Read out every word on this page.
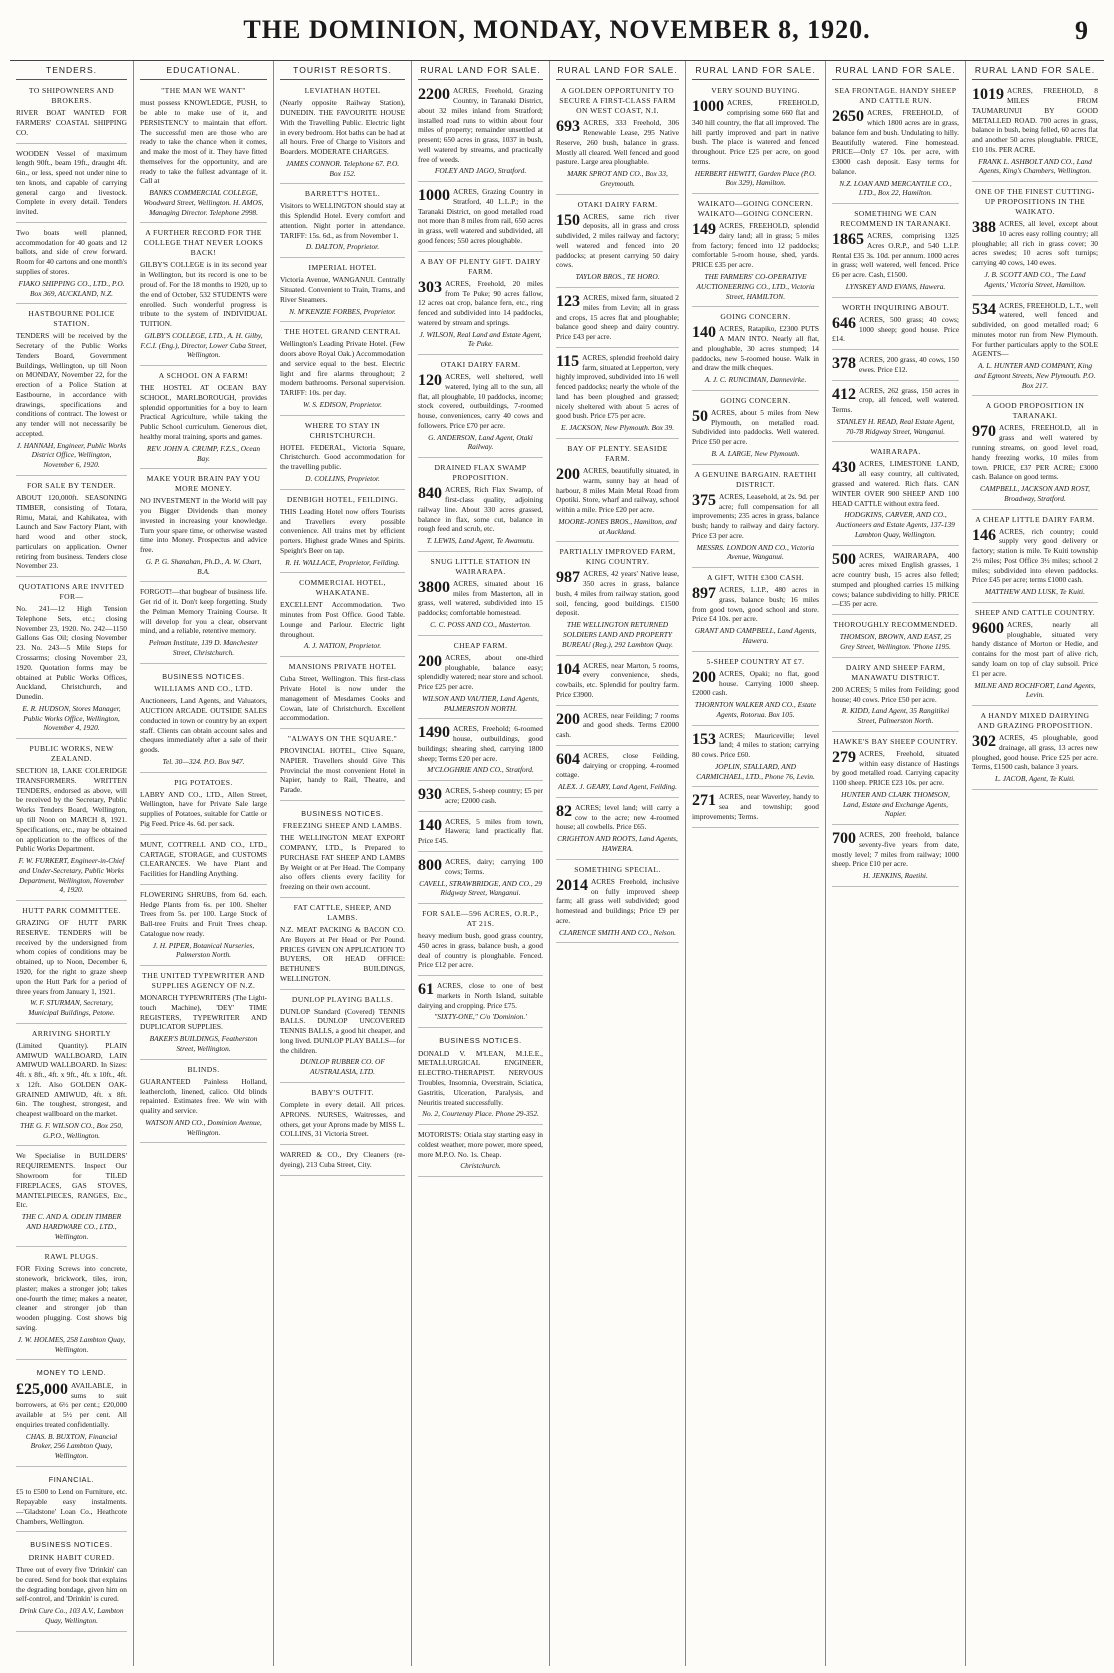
THE DOMINION, MONDAY, NOVEMBER 8, 1920.	9
TENDERS.
TO SHIPOWNERS AND BROKERS.
RIVER BOAT WANTED FOR FARMERS' COASTAL SHIPPING CO.
WOODEN Vessel of maximum length 90ft., beam 19ft., draught 4ft. 6in., or less, speed not under nine to ten knots, and capable of carrying general cargo and livestock. Complete in every detail. Tenders invited.
Two boats well planned, accommodation for 40 goats and 12 ballots, and side of crew forward. Room for 40 cartons and one month's supplies of stores.
FIAKO SHIPPING CO., LTD., P.O. Box 369, AUCKLAND, N.Z.
HASTBOURNE POLICE STATION.
TENDERS will be received by the Secretary of the Public Works Tenders Board, Government Buildings, Wellington, up till Noon on MONDAY, November 22, for the erection of a Police Station at Eastbourne, in accordance with drawings, specifications and conditions of contract. The lowest or any tender will not necessarily be accepted.
J. HANNAH, Engineer, Public Works District Office, Wellington, November 6, 1920.
FOR SALE BY TENDER.
ABOUT 120,000ft. SEASONING TIMBER, consisting of Totara, Rimu, Matai, and Kahikatea, with Launch and Saw Factory Plant, with hard wood and other stock, particulars on application. Owner retiring from business. Tenders close November 23.
QUOTATIONS ARE INVITED FOR—
No. 241—12 High Tension Telephone Sets, etc.; closing November 23, 1920. No. 242—1150 Gallons Gas Oil; closing November 23. No. 243—5 Mile Steps for Crossarms; closing November 23, 1920. Quotation forms may be obtained at Public Works Offices, Auckland, Christchurch, and Dunedin.
E. R. HUDSON, Stores Manager, Public Works Office, Wellington, November 4, 1920.
PUBLIC WORKS, NEW ZEALAND.
SECTION 18, LAKE COLERIDGE TRANSFORMERS. WRITTEN TENDERS, endorsed as above, will be received by the Secretary, Public Works Tenders Board, Wellington, up till Noon on MARCH 8, 1921. Specifications, etc., may be obtained on application to the offices of the Public Works Department.
F. W. FURKERT, Engineer-in-Chief and Under-Secretary, Public Works Department, Wellington, November 4, 1920.
HUTT PARK COMMITTEE.
GRAZING OF HUTT PARK RESERVE. TENDERS will be received by the undersigned from whom copies of conditions may be obtained, up to Noon, December 6, 1920, for the right to graze sheep upon the Hutt Park for a period of three years from January 1, 1921.
W. F. STURMAN, Secretary, Municipal Buildings, Petone.
ARRIVING SHORTLY
(Limited Quantity). PLAIN AMIWUD WALLBOARD, LAIN AMIWUD WALLBOARD. In Sizes: 4ft. x 8ft., 4ft. x 9ft., 4ft. x 10ft., 4ft. x 12ft. Also GOLDEN OAK-GRAINED AMIWUD, 4ft. x 8ft. 6in. The toughest, strongest, and cheapest wallboard on the market.
THE G. F. WILSON CO., Box 250, G.P.O., Wellington.
We Specialise in BUILDERS' REQUIREMENTS. Inspect Our Showroom for TILED FIREPLACES, GAS STOVES, MANTELPIECES, RANGES, Etc., Etc.
THE C. AND A. ODLIN TIMBER AND HARDWARE CO., LTD., Wellington.
RAWL PLUGS.
FOR Fixing Screws into concrete, stonework, brickwork, tiles, iron, plaster; makes a stronger job; takes one-fourth the time; makes a neater, cleaner and stronger job than wooden plugging. Cost shows big saving.
J. W. HOLMES, 258 Lambton Quay, Wellington.
MONEY TO LEND.
£25,000 AVAILABLE, in sums to suit borrowers, at 6½ per cent.; £20,000 available at 5½ per cent. All enquiries treated confidentially.
CHAS. B. BUXTON, Financial Broker, 256 Lambton Quay, Wellington.
FINANCIAL.
£5 to £500 to Lend on Furniture, etc. Repayable easy instalments.—'Gladstone' Loan Co., Heathcote Chambers, Wellington.
BUSINESS NOTICES.
DRINK HABIT CURED.
Three out of every five 'Drinkin' can be cured. Send for book that explains the degrading bondage, given him on self-control, and 'Drinkin' is cured.
Drink Cure Co., 103 A.V., Lambton Quay, Wellington.
EDUCATIONAL.
"THE MAN WE WANT"
must possess KNOWLEDGE, PUSH, to be able to make use of it, and PERSISTENCY to maintain that effort. The successful men are those who are ready to take the chance when it comes, and make the most of it. They have fitted themselves for the opportunity, and are ready to take the fullest advantage of it. Call at
BANKS COMMERCIAL COLLEGE, Woodward Street, Wellington. H. AMOS, Managing Director. Telephone 2998.
A FURTHER RECORD FOR THE COLLEGE THAT NEVER LOOKS BACK!
GILBY'S COLLEGE is in its second year in Wellington, but its record is one to be proud of. For the 18 months to 1920, up to the end of October, 532 STUDENTS were enrolled. Such wonderful progress is tribute to the system of INDIVIDUAL TUITION.
GILBY'S COLLEGE, LTD., A. H. Gilby, F.C.I. (Eng.), Director, Lower Cuba Street, Wellington.
A SCHOOL ON A FARM!
THE HOSTEL AT OCEAN BAY SCHOOL, MARLBOROUGH, provides splendid opportunities for a boy to learn Practical Agriculture, while taking the Public School curriculum. Generous diet, healthy moral training, sports and games.
REV. JOHN A. CRUMP, F.Z.S., Ocean Bay.
MAKE YOUR BRAIN PAY YOU MORE MONEY.
NO INVESTMENT in the World will pay you Bigger Dividends than money invested in increasing your knowledge. Turn your spare time, or otherwise wasted time into Money. Prospectus and advice free.
G. P. G. Shanahan, Ph.D., A. W. Chart, B.A.
FORGOT!—that bugbear of business life. Get rid of it. Don't keep forgetting. Study the Pelman Memory Training Course. It will develop for you a clear, observant mind, and a reliable, retentive memory.
Pelman Institute, 139 D. Manchester Street, Christchurch.
BUSINESS NOTICES.
WILLIAMS AND CO., LTD.
Auctioneers, Land Agents, and Valuators, AUCTION ARCADE. OUTSIDE SALES conducted in town or country by an expert staff. Clients can obtain account sales and cheques immediately after a sale of their goods.
Tel. 30—324. P.O. Box 947.
PIG POTATOES.
LABRY AND CO., LTD., Allen Street, Wellington, have for Private Sale large supplies of Potatoes, suitable for Cattle or Pig Feed. Price 4s. 6d. per sack.
MUNT, COTTRELL AND CO., LTD., CARTAGE, STORAGE, and CUSTOMS CLEARANCES. We have Plant and Facilities for Handling Anything.
FLOWERING SHRUBS, from 6d. each. Hedge Plants from 6s. per 100. Shelter Trees from 5s. per 100. Large Stock of Ball-tree Fruits and Fruit Trees cheap. Catalogue now ready.
J. H. PIPER, Botanical Nurseries, Palmerston North.
THE UNITED TYPEWRITER AND SUPPLIES AGENCY OF N.Z.
MONARCH TYPEWRITERS (The Light-touch Machine), 'DEY' TIME REGISTERS, TYPEWRITER AND DUPLICATOR SUPPLIES.
BAKER'S BUILDINGS, Featherston Street, Wellington.
BLINDS.
GUARANTEED Painless Holland, leathercloth, linened, calico. Old blinds repainted. Estimates free. We win with quality and service.
WATSON AND CO., Dominion Avenue, Wellington.
TOURIST RESORTS.
LEVIATHAN HOTEL
(Nearly opposite Railway Station), DUNEDIN. THE FAVOURITE HOUSE With the Travelling Public. Electric light in every bedroom. Hot baths can be had at all hours. Free of Charge to Visitors and Boarders. MODERATE CHARGES.
JAMES CONNOR. Telephone 67. P.O. Box 152.
BARRETT'S HOTEL.
Visitors to WELLINGTON should stay at this Splendid Hotel. Every comfort and attention. Night porter in attendance. TARIFF: 15s. 6d., as from November 1.
D. DALTON, Proprietor.
IMPERIAL HOTEL
Victoria Avenue, WANGANUI. Centrally Situated. Convenient to Train, Trams, and River Steamers.
N. M'KENZIE FORBES, Proprietor.
THE HOTEL GRAND CENTRAL
Wellington's Leading Private Hotel. (Few doors above Royal Oak.) Accommodation and service equal to the best. Electric light and fire alarms throughout; 2 modern bathrooms. Personal supervision. TARIFF: 10s. per day.
W. S. EDISON, Proprietor.
WHERE TO STAY IN CHRISTCHURCH.
HOTEL FEDERAL, Victoria Square, Christchurch. Good accommodation for the travelling public.
D. COLLINS, Proprietor.
DENBIGH HOTEL, FEILDING.
THIS Leading Hotel now offers Tourists and Travellers every possible convenience. All trains met by efficient porters. Highest grade Wines and Spirits. Speight's Beer on tap.
R. H. WALLACE, Proprietor, Feilding.
COMMERCIAL HOTEL, WHAKATANE.
EXCELLENT Accommodation. Two minutes from Post Office. Good Table. Lounge and Parlour. Electric light throughout.
A. J. NATION, Proprietor.
MANSIONS PRIVATE HOTEL
Cuba Street, Wellington. This first-class Private Hotel is now under the management of Mesdames Cooks and Cowan, late of Christchurch. Excellent accommodation.
"ALWAYS ON THE SQUARE."
PROVINCIAL HOTEL, Clive Square, NAPIER. Travellers should Give This Provincial the most convenient Hotel in Napier, handy to Rail, Theatre, and Parade.
BUSINESS NOTICES.
FREEZING SHEEP AND LAMBS.
THE WELLINGTON MEAT EXPORT COMPANY, LTD., Is Prepared to PURCHASE FAT SHEEP AND LAMBS By Weight or at Per Head. The Company also offers clients every facility for freezing on their own account.
FAT CATTLE, SHEEP, AND LAMBS.
N.Z. MEAT PACKING & BACON CO. Are Buyers at Per Head or Per Pound. PRICES GIVEN ON APPLICATION TO BUYERS, OR HEAD OFFICE: BETHUNE'S BUILDINGS, WELLINGTON.
DUNLOP PLAYING BALLS.
DUNLOP Standard (Covered) TENNIS BALLS. DUNLOP UNCOVERED TENNIS BALLS, a good hit cheaper, and long lived. DUNLOP PLAY BALLS—for the children.
DUNLOP RUBBER CO. OF AUSTRALASIA, LTD.
BABY'S OUTFIT.
Complete in every detail. All prices. APRONS. NURSES, Waitresses, and others, get your Aprons made by MISS L. COLLINS, 31 Victoria Street.
WARRED & CO., Dry Cleaners (re-dyeing), 213 Cuba Street, City.
RURAL LAND FOR SALE.
2200 ACRES, Freehold, Grazing Country, in Taranaki District, about 32 miles inland from Stratford; installed road runs to within about four miles of property; remainder unsettled at present; 650 acres in grass, 1037 in bush, well watered by streams, and practically free of weeds.
FOLEY AND JAGO, Stratford.
1000 ACRES, Grazing Country in Stratford, 40 L.L.P.; in the Taranaki District, on good metalled road not more than 8 miles from rail, 650 acres in grass, well watered and subdivided, all good fences; 550 acres ploughable.
A BAY OF PLENTY GIFT. DAIRY FARM.
303 ACRES, Freehold, 20 miles from Te Puke; 90 acres fallow, 12 acres oat crop, balance fern, etc., ring fenced and subdivided into 14 paddocks, watered by stream and springs.
J. WILSON, Real Land and Estate Agent, Te Puke.
OTAKI DAIRY FARM.
120 ACRES, well sheltered, well watered, lying all to the sun, all flat, all ploughable, 10 paddocks, income; stock covered, outbuildings, 7-roomed house, conveniences, carry 40 cows and followers. Price £70 per acre.
G. ANDERSON, Land Agent, Otaki Railway.
DRAINED FLAX SWAMP PROPOSITION.
840 ACRES, Rich Flax Swamp, of first-class quality, adjoining railway line. About 330 acres grassed, balance in flax, some cut, balance in rough feed and scrub, etc.
T. LEWIS, Land Agent, Te Awamutu.
SNUG LITTLE STATION IN WAIRARAPA.
3800 ACRES, situated about 16 miles from Masterton, all in grass, well watered, subdivided into 15 paddocks; comfortable homestead.
C. C. POSS AND CO., Masterton.
CHEAP FARM.
200 ACRES, about one-third ploughable, balance easy; splendidly watered; near store and school. Price £25 per acre.
WILSON AND VAUTIER, Land Agents, PALMERSTON NORTH.
1490 ACRES, Freehold; 6-roomed house, outbuildings, good buildings; shearing shed, carrying 1800 sheep; Terms £20 per acre.
M'CLOGHRIE AND CO., Stratford.
930 ACRES, 5-sheep country; £5 per acre; £2000 cash.
140 ACRES, 5 miles from town, Hawera; land practically flat. Price £45.
800 ACRES, dairy; carrying 100 cows; Terms.
CAVELL, STRAWBRIDGE, AND CO., 29 Ridgway Street, Wanganui.
FOR SALE—596 ACRES, O.R.P., AT 21S.
heavy medium bush, good grass country, 450 acres in grass, balance bush, a good deal of country is ploughable. Fenced. Price £12 per acre.
61 ACRES, close to one of best markets in North Island, suitable dairying and cropping. Price £75.
"SIXTY-ONE," C/o 'Dominion.'
BUSINESS NOTICES.
DONALD V. M'LEAN, M.I.E.E., METALLURGICAL ENGINEER, ELECTRO-THERAPIST. NERVOUS Troubles, Insomnia, Overstrain, Sciatica, Gastritis, Ulceration, Paralysis, and Neuritis treated successfully.
No. 2, Courtenay Place. Phone 29-352.
MOTORISTS: Otiala stay starting easy in coldest weather, more power, more speed, more M.P.O. No. 1s. Cheap.
Christchurch.
RURAL LAND FOR SALE.
A GOLDEN OPPORTUNITY TO SECURE A FIRST-CLASS FARM ON WEST COAST, N.I.
693 ACRES, 333 Freehold, 306 Renewable Lease, 295 Native Reserve, 260 bush, balance in grass. Mostly all cleared. Well fenced and good pasture. Large area ploughable.
MARK SPROT AND CO., Box 33, Greymouth.
OTAKI DAIRY FARM.
150 ACRES, same rich river deposits, all in grass and cross subdivided, 2 miles railway and factory; well watered and fenced into 20 paddocks; at present carrying 50 dairy cows.
TAYLOR BROS., TE HORO.
123 ACRES, mixed farm, situated 2 miles from Levin; all in grass and crops, 15 acres flat and ploughable; balance good sheep and dairy country. Price £43 per acre.
115 ACRES, splendid freehold dairy farm, situated at Lepperton, very highly improved, subdivided into 16 well fenced paddocks; nearly the whole of the land has been ploughed and grassed; nicely sheltered with about 5 acres of good bush. Price £75 per acre.
E. JACKSON, New Plymouth. Box 39.
BAY OF PLENTY. SEASIDE FARM.
200 ACRES, beautifully situated, in warm, sunny bay at head of harbour, 8 miles Main Metal Road from Opotiki. Store, wharf and railway, school within a mile. Price £20 per acre.
MOORE-JONES BROS., Hamilton, and at Auckland.
PARTIALLY IMPROVED FARM, KING COUNTRY.
987 ACRES, 42 years' Native lease, 350 acres in grass, balance bush, 4 miles from railway station, good soil, fencing, good buildings. £1500 deposit.
THE WELLINGTON RETURNED SOLDIERS LAND AND PROPERTY BUREAU (Reg.), 292 Lambton Quay.
104 ACRES, near Marton, 5 rooms, every convenience, sheds, cowbails, etc. Splendid for poultry farm. Price £3900.
200 ACRES, near Feilding; 7 rooms and good sheds. Terms £2000 cash.
604 ACRES, close Feilding, dairying or cropping. 4-roomed cottage.
ALEX. J. GEARY, Land Agent, Feilding.
82 ACRES; level land; will carry a cow to the acre; new 4-roomed house; all cowbells. Price £65.
CRIGHTON AND ROOTS, Land Agents, HAWERA.
SOMETHING SPECIAL.
2014 ACRES Freehold, inclusive on fully improved sheep farm; all grass well subdivided; good homestead and buildings; Price £9 per acre.
CLARENCE SMITH AND CO., Nelson.
RURAL LAND FOR SALE.
VERY SOUND BUYING.
1000 ACRES, FREEHOLD, comprising some 660 flat and 340 hill country, the flat all improved. The hill partly improved and part in native bush. The place is watered and fenced throughout. Price £25 per acre, on good terms.
HERBERT HEWITT, Garden Place (P.O. Box 329), Hamilton.
WAIKATO—GOING CONCERN. WAIKATO—GOING CONCERN.
149 ACRES, FREEHOLD, splendid dairy land; all in grass; 5 miles from factory; fenced into 12 paddocks; comfortable 5-room house, shed, yards. PRICE £35 per acre.
THE FARMERS' CO-OPERATIVE AUCTIONEERING CO., LTD., Victoria Street, HAMILTON.
GOING CONCERN.
140 ACRES, Ratapiko, £2300 PUTS A MAN INTO. Nearly all flat, and ploughable, 30 acres stumped; 14 paddocks, new 5-roomed house. Walk in and draw the milk cheques.
A. J. C. RUNCIMAN, Dannevirke.
GOING CONCERN.
50 ACRES, about 5 miles from New Plymouth, on metalled road. Subdivided into paddocks. Well watered. Price £50 per acre.
B. A. LARGE, New Plymouth.
A GENUINE BARGAIN. RAETIHI DISTRICT.
375 ACRES, Leasehold, at 2s. 9d. per acre; full compensation for all improvements; 235 acres in grass, balance bush; handy to railway and dairy factory. Price £3 per acre.
MESSRS. LONDON AND CO., Victoria Avenue, Wanganui.
A GIFT, WITH £300 CASH.
897 ACRES, L.I.P., 480 acres in grass, balance bush; 16 miles from good town, good school and store. Price £4 10s. per acre.
GRANT AND CAMPBELL, Land Agents, Hawera.
5-SHEEP COUNTRY AT £7.
200 ACRES, Opaki; no flat, good house. Carrying 1000 sheep. £2000 cash.
THORNTON WALKER AND CO., Estate Agents, Rotorua. Box 105.
153 ACRES; Mauriceville; level land; 4 miles to station; carrying 80 cows. Price £60.
JOPLIN, STALLARD, AND CARMICHAEL, LTD., Phone 76, Levin.
271 ACRES, near Waverley, handy to sea and township; good improvements; Terms.
RURAL LAND FOR SALE.
SEA FRONTAGE. HANDY SHEEP AND CATTLE RUN.
2650 ACRES, FREEHOLD, of which 1800 acres are in grass, balance fern and bush. Undulating to hilly. Beautifully watered. Fine homestead. PRICE—Only £7 10s. per acre, with £3000 cash deposit. Easy terms for balance.
N.Z. LOAN AND MERCANTILE CO., LTD., Box 22, Hamilton.
SOMETHING WE CAN RECOMMEND IN TARANAKI.
1865 ACRES, comprising 1325 Acres O.R.P., and 540 L.I.P. Rental £35 3s. 10d. per annum. 1000 acres in grass; well watered, well fenced. Price £6 per acre. Cash, £1500.
LYNSKEY AND EVANS, Hawera.
WORTH INQUIRING ABOUT.
646 ACRES, 500 grass; 40 cows; 1000 sheep; good house. Price £14.
378 ACRES, 200 grass, 40 cows, 150 ewes. Price £12.
412 ACRES, 262 grass, 150 acres in crop, all fenced, well watered. Terms.
STANLEY H. READ, Real Estate Agent, 70-78 Ridgway Street, Wanganui.
WAIRARAPA.
430 ACRES, LIMESTONE LAND, all easy country, all cultivated, grassed and watered. Rich flats. CAN WINTER OVER 900 SHEEP AND 100 HEAD CATTLE without extra feed.
HODGKINS, CARVER, AND CO., Auctioneers and Estate Agents, 137-139 Lambton Quay, Wellington.
500 ACRES, WAIRARAPA, 400 acres mixed English grasses, 1 acre country bush, 15 acres also felled; stumped and ploughed carries 15 milking cows; balance subdividing to hilly. PRICE—£35 per acre.
THOROUGHLY RECOMMENDED.
THOMSON, BROWN, AND EAST, 25 Grey Street, Wellington. 'Phone 1195.
DAIRY AND SHEEP FARM, MANAWATU DISTRICT.
200 ACRES; 5 miles from Feilding; good house; 40 cows. Price £50 per acre.
R. KIDD, Land Agent, 35 Rangitikei Street, Palmerston North.
HAWKE'S BAY SHEEP COUNTRY.
279 ACRES, Freehold, situated within easy distance of Hastings by good metalled road. Carrying capacity 1100 sheep. PRICE £23 10s. per acre.
HUNTER AND CLARK THOMSON, Land, Estate and Exchange Agents, Napier.
700 ACRES, 200 freehold, balance seventy-five years from date, mostly level; 7 miles from railway; 1000 sheep. Price £10 per acre.
H. JENKINS, Raetihi.
RURAL LAND FOR SALE.
1019 ACRES, FREEHOLD, 8 MILES FROM TAUMARUNUI BY GOOD METALLED ROAD. 700 acres in grass, balance in bush, being felled, 60 acres flat and another 50 acres ploughable. PRICE, £10 10s. PER ACRE.
FRANK L. ASHBOLT AND CO., Land Agents, King's Chambers, Wellington.
ONE OF THE FINEST CUTTING-UP PROPOSITIONS IN THE WAIKATO.
388 ACRES, all level, except about 10 acres easy rolling country; all ploughable; all rich in grass cover; 30 acres swedes; 10 acres soft turnips; carrying 40 cows, 140 ewes.
J. B. SCOTT AND CO., 'The Land Agents,' Victoria Street, Hamilton.
534 ACRES, FREEHOLD, L.T., well watered, well fenced and subdivided, on good metalled road; 6 minutes motor run from New Plymouth. For further particulars apply to the SOLE AGENTS—
A. L. HUNTER AND COMPANY, King and Egmont Streets, New Plymouth. P.O. Box 217.
A GOOD PROPOSITION IN TARANAKI.
970 ACRES, FREEHOLD, all in grass and well watered by running streams, on good level road, handy freezing works, 10 miles from town. PRICE, £37 PER ACRE; £3000 cash. Balance on good terms.
CAMPBELL, JACKSON AND ROST, Broadway, Stratford.
A CHEAP LITTLE DAIRY FARM.
146 ACRES, rich country; could supply very good delivery or factory; station is mile. Te Kuiti township 2½ miles; Post Office 3½ miles; school 2 miles; subdivided into eleven paddocks. Price £45 per acre; terms £1000 cash.
MATTHEW AND LUSK, Te Kuiti.
SHEEP AND CATTLE COUNTRY.
9600 ACRES, nearly all ploughable, situated very handy distance of Morton or Hedie, and contains for the most part of alive rich, sandy loam on top of clay subsoil. Price £1 per acre.
MILNE AND ROCHFORT, Land Agents, Levin.
A HANDY MIXED DAIRYING AND GRAZING PROPOSITION.
302 ACRES, 45 ploughable, good drainage, all grass, 13 acres new ploughed, good house. Price £25 per acre. Terms, £1500 cash, balance 3 years.
L. JACOB, Agent, Te Kuiti.
